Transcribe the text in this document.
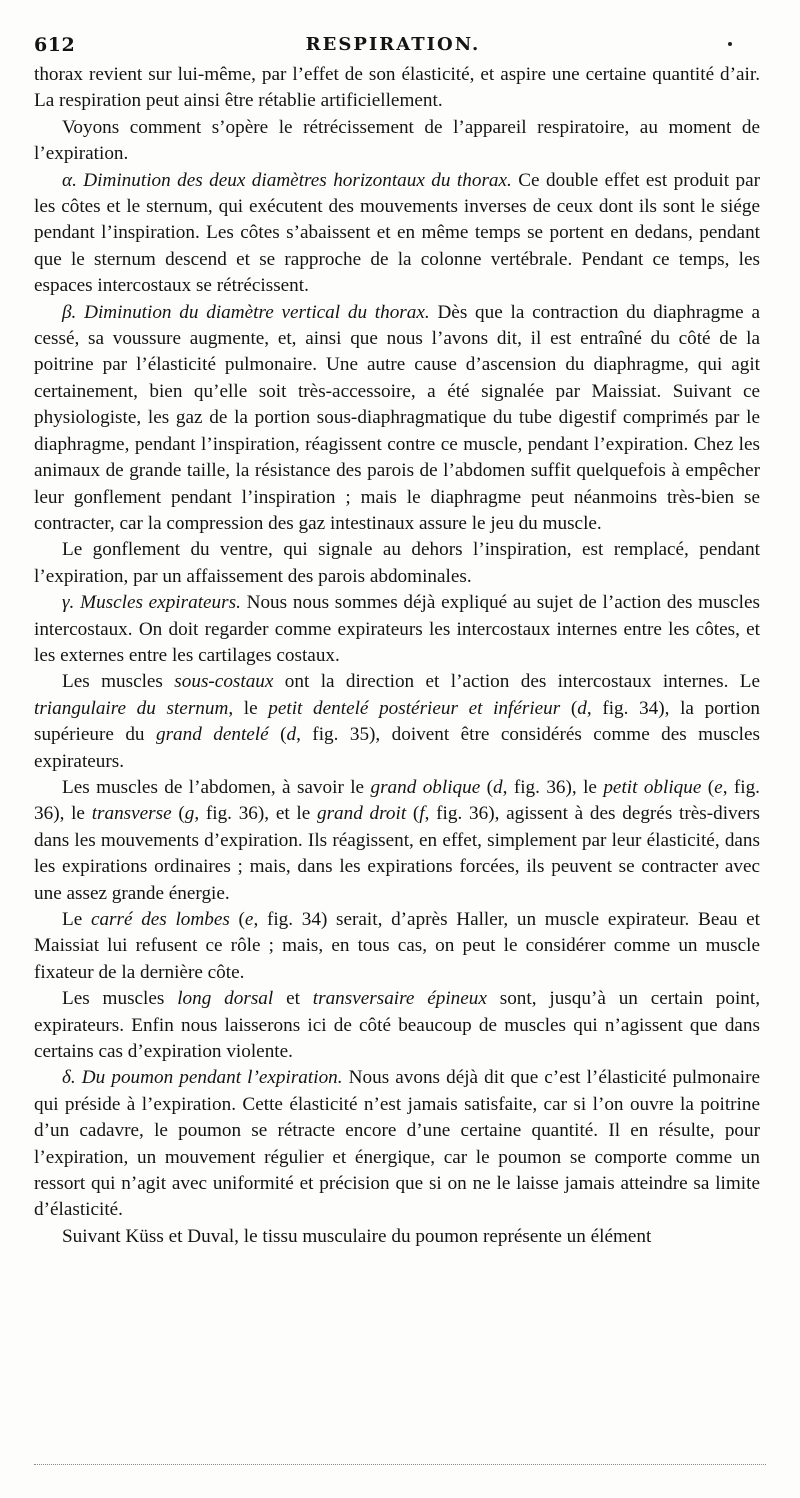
612	RESPIRATION.

thorax revient sur lui-même, par l’effet de son élasticité, et aspire une certaine quantité d’air. La respiration peut ainsi être rétablie artificiellement.

Voyons comment s’opère le rétrécissement de l’appareil respiratoire, au moment de l’expiration.

α. Diminution des deux diamètres horizontaux du thorax. Ce double effet est produit par les côtes et le sternum, qui exécutent des mouvements inverses de ceux dont ils sont le siége pendant l’inspiration. Les côtes s’abaissent et en même temps se portent en dedans, pendant que le sternum descend et se rapproche de la colonne vertébrale. Pendant ce temps, les espaces intercostaux se rétrécissent.

β. Diminution du diamètre vertical du thorax. Dès que la contraction du diaphragme a cessé, sa voussure augmente, et, ainsi que nous l’avons dit, il est entraîné du côté de la poitrine par l’élasticité pulmonaire. Une autre cause d’ascension du diaphragme, qui agit certainement, bien qu’elle soit très-accessoire, a été signalée par Maissiat. Suivant ce physiologiste, les gaz de la portion sous-diaphragmatique du tube digestif comprimés par le diaphragme, pendant l’inspiration, réagissent contre ce muscle, pendant l’expiration. Chez les animaux de grande taille, la résistance des parois de l’abdomen suffit quelquefois à empêcher leur gonflement pendant l’inspiration ; mais le diaphragme peut néanmoins très-bien se contracter, car la compression des gaz intestinaux assure le jeu du muscle.

Le gonflement du ventre, qui signale au dehors l’inspiration, est remplacé, pendant l’expiration, par un affaissement des parois abdominales.

γ. Muscles expirateurs. Nous nous sommes déjà expliqué au sujet de l’action des muscles intercostaux. On doit regarder comme expirateurs les intercostaux internes entre les côtes, et les externes entre les cartilages costaux.

Les muscles sous-costaux ont la direction et l’action des intercostaux internes. Le triangulaire du sternum, le petit dentelé postérieur et inférieur (d, fig. 34), la portion supérieure du grand dentelé (d, fig. 35), doivent être considérés comme des muscles expirateurs.

Les muscles de l’abdomen, à savoir le grand oblique (d, fig. 36), le petit oblique (e, fig. 36), le transverse (g, fig. 36), et le grand droit (f, fig. 36), agissent à des degrés très-divers dans les mouvements d’expiration. Ils réagissent, en effet, simplement par leur élasticité, dans les expirations ordinaires ; mais, dans les expirations forcées, ils peuvent se contracter avec une assez grande énergie.

Le carré des lombes (e, fig. 34) serait, d’après Haller, un muscle expirateur. Beau et Maissiat lui refusent ce rôle ; mais, en tous cas, on peut le considérer comme un muscle fixateur de la dernière côte.

Les muscles long dorsal et transversaire épineux sont, jusqu’à un certain point, expirateurs. Enfin nous laisserons ici de côté beaucoup de muscles qui n’agissent que dans certains cas d’expiration violente.

δ. Du poumon pendant l’expiration. Nous avons déjà dit que c’est l’élasticité pulmonaire qui préside à l’expiration. Cette élasticité n’est jamais satisfaite, car si l’on ouvre la poitrine d’un cadavre, le poumon se rétracte encore d’une certaine quantité. Il en résulte, pour l’expiration, un mouvement régulier et énergique, car le poumon se comporte comme un ressort qui n’agit avec uniformité et précision que si on ne le laisse jamais atteindre sa limite d’élasticité.

Suivant Küss et Duval, le tissu musculaire du poumon représente un élément
